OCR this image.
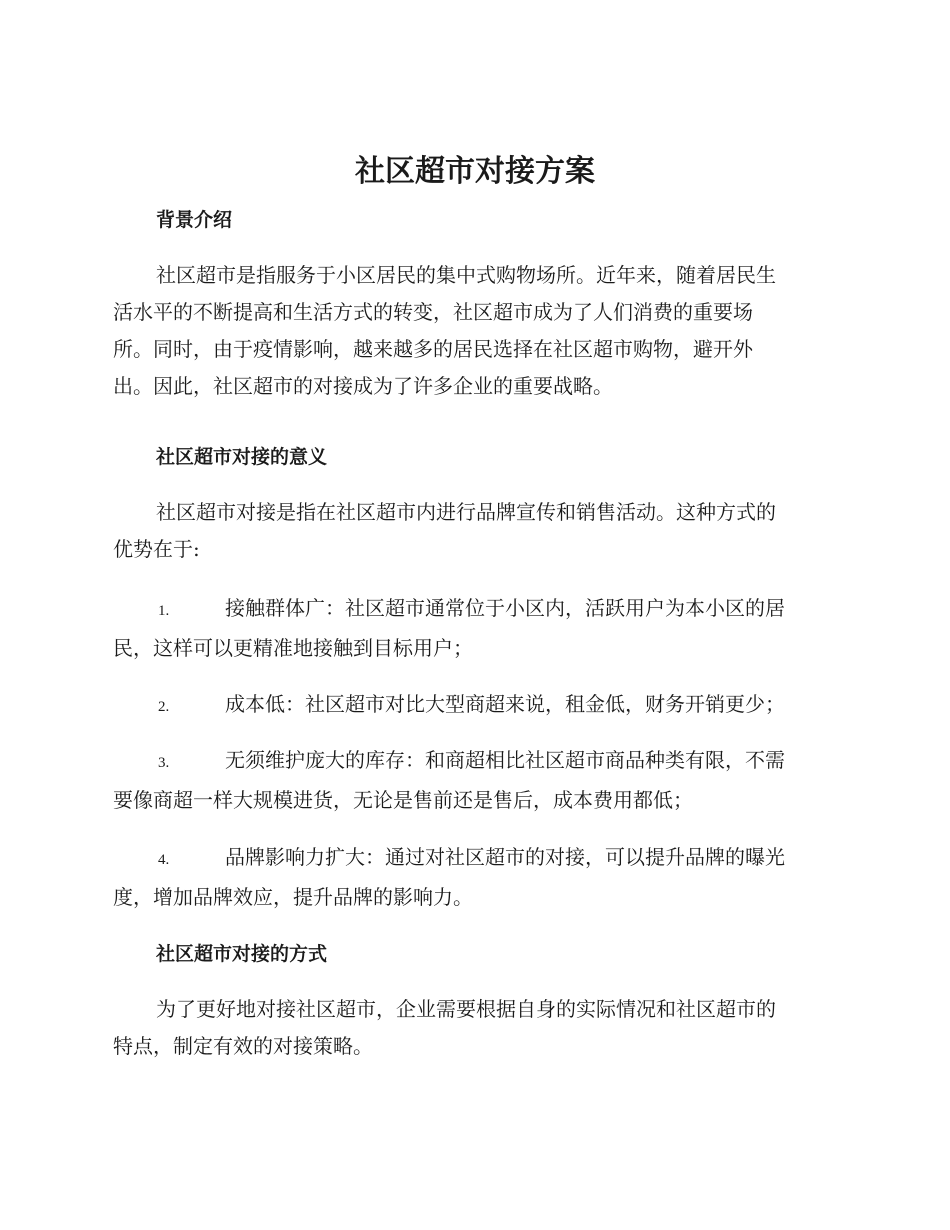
社区超市对接方案
背景介绍

社区超市是指服务于小区居民的集中式购物场所。近年来，随着居民生
活水平的不断提高和生活方式的转变，社区超市成为了人们消费的重要场
所。同时，由于疫情影响，越来越多的居民选择在社区超市购物，避开外
出。因此，社区超市的对接成为了许多企业的重要战略。

社区超市对接的意义

社区超市对接是指在社区超市内进行品牌宣传和销售活动。这种方式的
优势在于:

1.	接触群体广：社区超市通常位于小区内，活跃用户为本小区的居
民，这样可以更精准地接触到目标用户；
2.	成本低：社区超市对比大型商超来说，租金低，财务开销更少；
3.	无须维护庞大的库存：和商超相比社区超市商品种类有限，不需
要像商超一样大规模进货，无论是售前还是售后，成本费用都低；
4.	品牌影响力扩大：通过对社区超市的对接，可以提升品牌的曝光
度，增加品牌效应，提升品牌的影响力。
社区超市对接的方式

为了更好地对接社区超市，企业需要根据自身的实际情况和社区超市的
特点，制定有效的对接策略。
